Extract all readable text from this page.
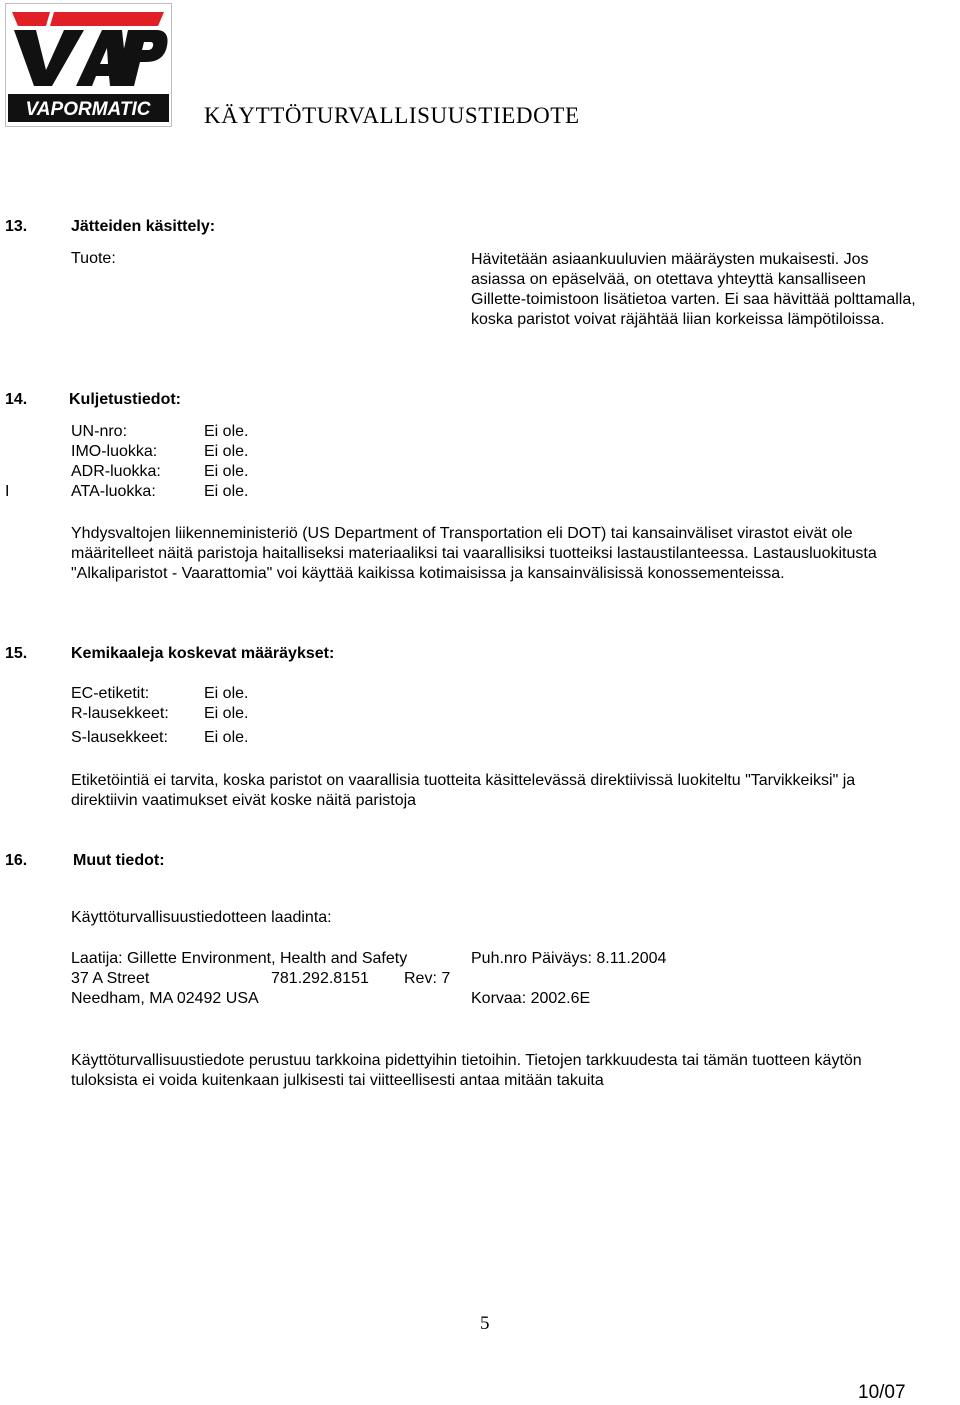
VAPORMATIC KÄYTTÖTURVALLISUUSTIEDOTE
13.	Jätteiden käsittely:
Tuote:	Hävitetään asiaankuuluvien määräysten mukaisesti. Jos
asiassa on epäselvää, on otettava yhteyttä kansalliseen
Gillette-toimistoon lisätietoa varten. Ei saa hävittää polttamalla,
koska paristot voivat räjähtää liian korkeissa lämpötiloissa.
14.	Kuljetustiedot:
UN-nro:	Ei ole.
IMO-luokka:	Ei ole.
ADR-luokka:	Ei ole.
I	ATA-luokka:	Ei ole.
Yhdysvaltojen liikenneministeriö (US Department of Transportation eli DOT) tai kansainväliset virastot eivät ole
määritelleet näitä paristoja haitalliseksi materiaaliksi tai vaarallisiksi tuotteiksi lastaustilanteessa. Lastausluokitusta
"Alkaliparistot - Vaarattomia" voi käyttää kaikissa kotimaisissa ja kansainvälisissä konossementeissa.
15.	Kemikaaleja koskevat määräykset:
EC-etiketit:	Ei ole.
R-lausekkeet: Ei ole.
S-lausekkeet: Ei ole.
Etiketöintiä ei tarvita, koska paristot on vaarallisia tuotteita käsittelevässä direktiivissä luokiteltu "Tarvikkeiksi" ja
direktiivin vaatimukset eivät koske näitä paristoja
16.	Muut tiedot:
Käyttöturvallisuustiedotteen laadinta:
Laatija: Gillette Environment, Health and Safety	Puh.nro Päiväys: 8.11.2004
37 A Street	781.292.8151 Rev: 7
Needham, MA 02492 USA	Korvaa: 2002.6E
Käyttöturvallisuustiedote perustuu tarkkoina pidettyihin tietoihin. Tietojen tarkkuudesta tai tämän tuotteen käytön
tuloksista ei voida kuitenkaan julkisesti tai viitteellisesti antaa mitään takuita
5
10/07
